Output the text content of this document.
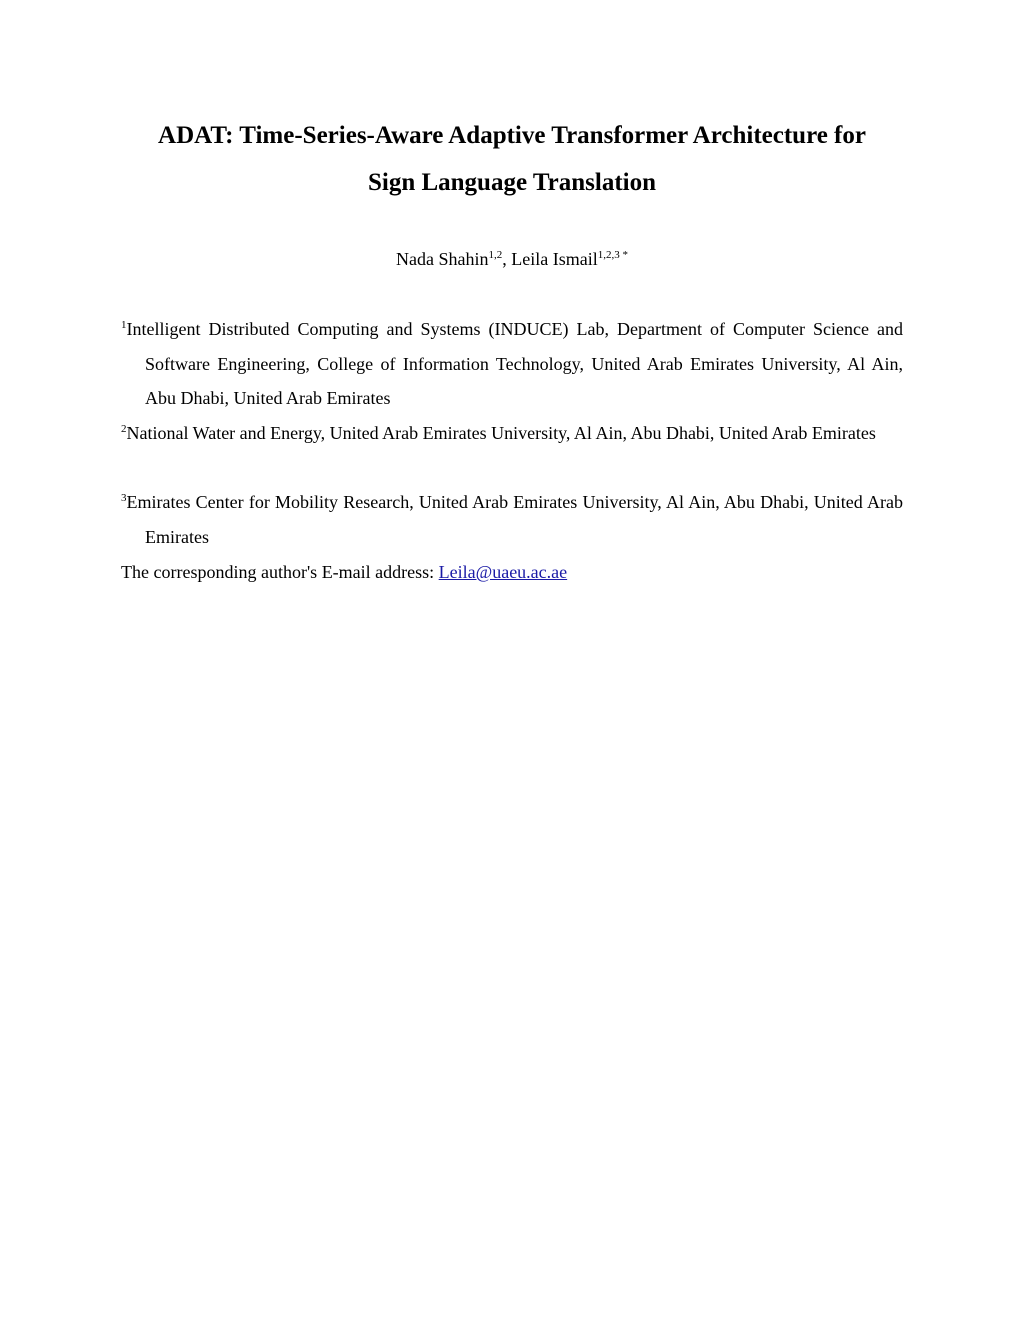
ADAT: Time-Series-Aware Adaptive Transformer Architecture for
Sign Language Translation
Nada Shahin$^{1,2}$, Leila Ismail$^{1,2,3 *}$
$^1$Intelligent Distributed Computing and Systems (INDUCE) Lab, Department of Computer Science and Software Engineering, College of Information Technology, United Arab Emirates University, Al Ain, Abu Dhabi, United Arab Emirates
$^2$National Water and Energy, United Arab Emirates University, Al Ain, Abu Dhabi, United Arab Emirates
$^3$Emirates Center for Mobility Research, United Arab Emirates University, Al Ain, Abu Dhabi, United Arab Emirates
The corresponding author's E-mail address: Leila@uaeu.ac.ae
